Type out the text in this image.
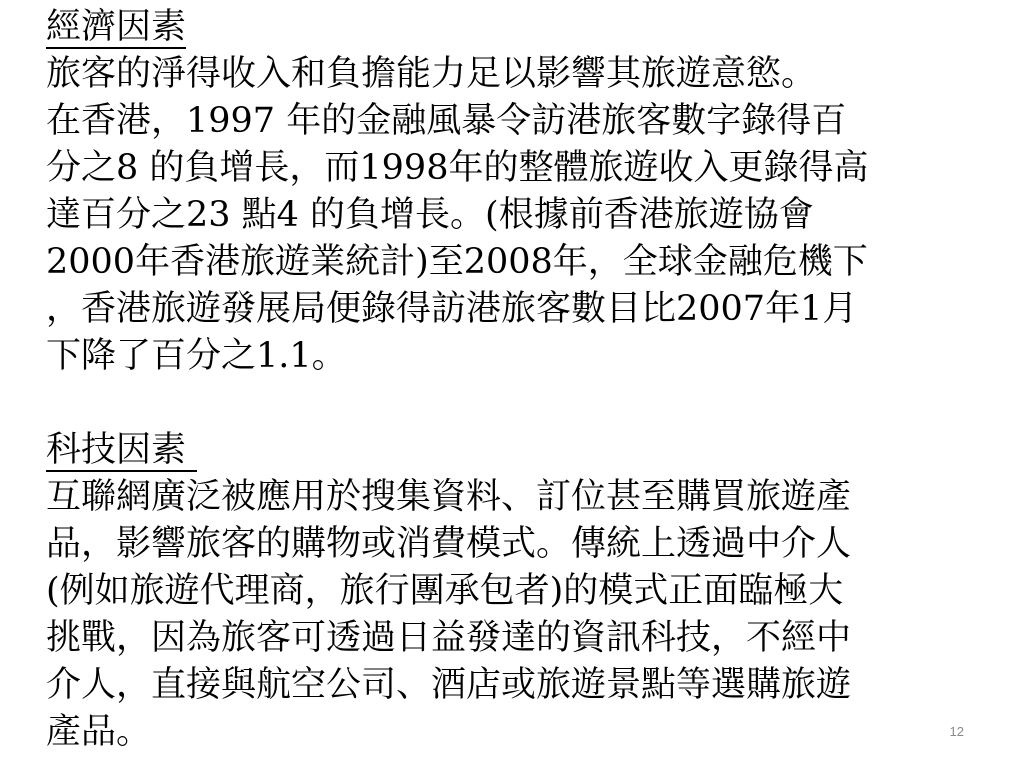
經濟因素
旅客的淨得收入和負擔能力足以影響其旅遊意慾。
在香港，1997 年的金融風暴令訪港旅客數字錄得百
分之8 的負增長，而1998年的整體旅遊收入更錄得高
達百分之23 點4 的負增長。(根據前香港旅遊協會
2000年香港旅遊業統計)至2008年，全球金融危機下
，香港旅遊發展局便錄得訪港旅客數目比2007年1月
下降了百分之1.1。
科技因素
互聯網廣泛被應用於搜集資料、訂位甚至購買旅遊產
品，影響旅客的購物或消費模式。傳統上透過中介人
(例如旅遊代理商，旅行團承包者)的模式正面臨極大
挑戰，因為旅客可透過日益發達的資訊科技，不經中
介人，直接與航空公司、酒店或旅遊景點等選購旅遊
產品。	12
